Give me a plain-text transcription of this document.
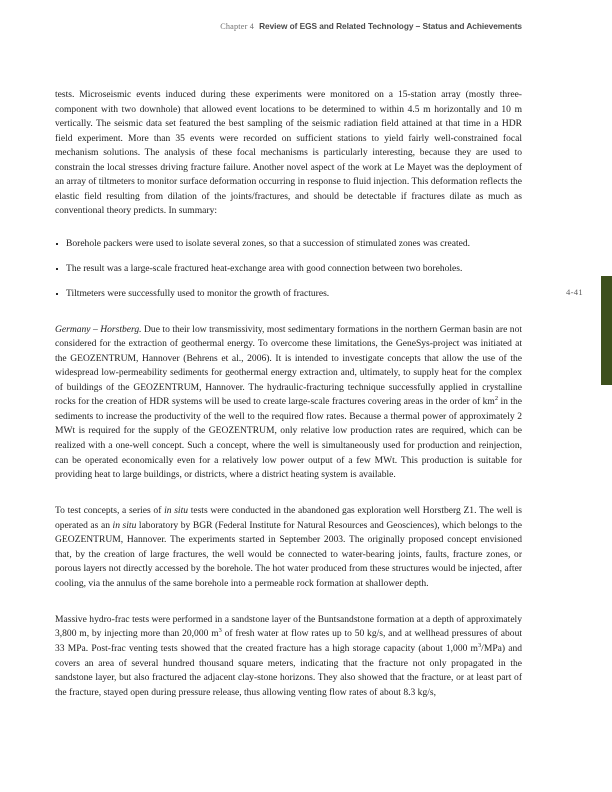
Chapter 4 Review of EGS and Related Technology – Status and Achievements

tests. Microseismic events induced during these experiments were monitored on a 15-station array (mostly three-component with two downhole) that allowed event locations to be determined to within 4.5 m horizontally and 10 m vertically. The seismic data set featured the best sampling of the seismic radiation field attained at that time in a HDR field experiment. More than 35 events were recorded on sufficient stations to yield fairly well-constrained focal mechanism solutions. The analysis of these focal mechanisms is particularly interesting, because they are used to constrain the local stresses driving fracture failure. Another novel aspect of the work at Le Mayet was the deployment of an array of tiltmeters to monitor surface deformation occurring in response to fluid injection. This deformation reflects the elastic field resulting from dilation of the joints/fractures, and should be detectable if fractures dilate as much as conventional theory predicts. In summary:

Borehole packers were used to isolate several zones, so that a succession of stimulated zones was created.
The result was a large-scale fractured heat-exchange area with good connection between two boreholes.
Tiltmeters were successfully used to monitor the growth of fractures.

Germany – Horstberg. Due to their low transmissivity, most sedimentary formations in the northern German basin are not considered for the extraction of geothermal energy. To overcome these limitations, the GeneSys-project was initiated at the GEOZENTRUM, Hannover (Behrens et al., 2006). It is intended to investigate concepts that allow the use of the widespread low-permeability sediments for geothermal energy extraction and, ultimately, to supply heat for the complex of buildings of the GEOZENTRUM, Hannover. The hydraulic-fracturing technique successfully applied in crystalline rocks for the creation of HDR systems will be used to create large-scale fractures covering areas in the order of $km^2$ in the sediments to increase the productivity of the well to the required flow rates. Because a thermal power of approximately 2 MWt is required for the supply of the GEOZENTRUM, only relative low production rates are required, which can be realized with a one-well concept. Such a concept, where the well is simultaneously used for production and reinjection, can be operated economically even for a relatively low power output of a few MWt. This production is suitable for providing heat to large buildings, or districts, where a district heating system is available.

To test concepts, a series of in situ tests were conducted in the abandoned gas exploration well Horstberg Z1. The well is operated as an in situ laboratory by BGR (Federal Institute for Natural Resources and Geosciences), which belongs to the GEOZENTRUM, Hannover. The experiments started in September 2003. The originally proposed concept envisioned that, by the creation of large fractures, the well would be connected to water-bearing joints, faults, fracture zones, or porous layers not directly accessed by the borehole. The hot water produced from these structures would be injected, after cooling, via the annulus of the same borehole into a permeable rock formation at shallower depth.

Massive hydro-frac tests were performed in a sandstone layer of the Buntsandstone formation at a depth of approximately 3,800 m, by injecting more than 20,000 $m^3$ of fresh water at flow rates up to 50 kg/s, and at wellhead pressures of about 33 MPa. Post-frac venting tests showed that the created fracture has a high storage capacity (about 1,000 $m^3/MPa$) and covers an area of several hundred thousand square meters, indicating that the fracture not only propagated in the sandstone layer, but also fractured the adjacent clay-stone horizons. They also showed that the fracture, or at least part of the fracture, stayed open during pressure release, thus allowing venting flow rates of about 8.3 kg/s,

4-41
